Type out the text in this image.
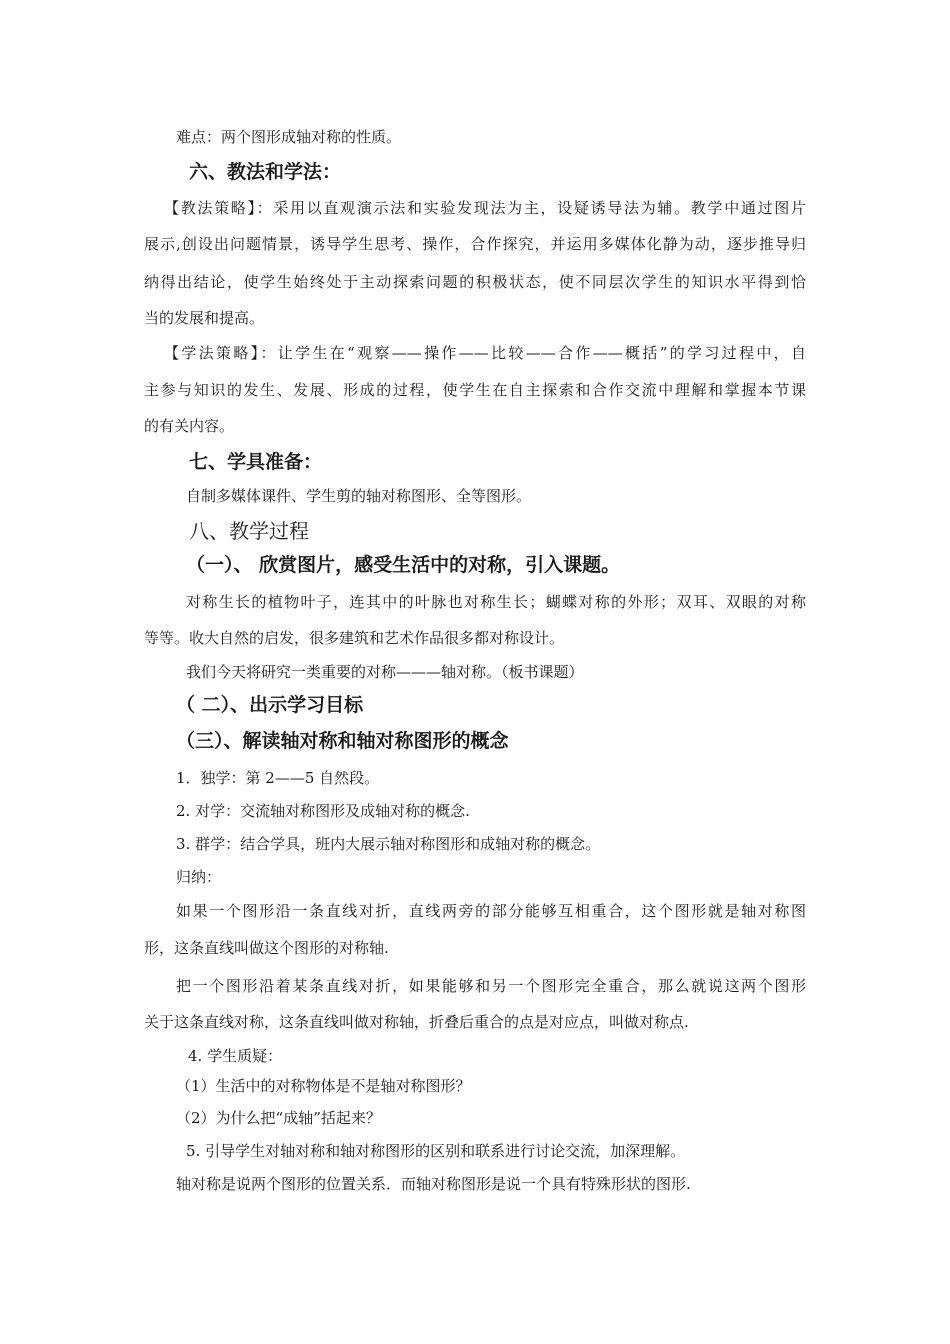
难点：两个图形成轴对称的性质。
六、教法和学法：
【教法策略】：采用以直观演示法和实验发现法为主，设疑诱导法为辅。教学中通过图片
展示,创设出问题情景，诱导学生思考、操作，合作探究，并运用多媒体化静为动，逐步推导归
纳得出结论，使学生始终处于主动探索问题的积极状态，使不同层次学生的知识水平得到恰
当的发展和提高。
【学法策略】：让学生在“观察——操作——比较——合作——概括”的学习过程中，自
主参与知识的发生、发展、形成的过程，使学生在自主探索和合作交流中理解和掌握本节课
的有关内容。
七、学具准备：
自制多媒体课件、学生剪的轴对称图形、全等图形。
八、教学过程
（一）、 欣赏图片，感受生活中的对称，引入课题。
对称生长的植物叶子，连其中的叶脉也对称生长；蝴蝶对称的外形；双耳、双眼的对称
等等。收大自然的启发，很多建筑和艺术作品很多都对称设计。
我们今天将研究一类重要的对称———轴对称。（板书课题）
（ 二）、出示学习目标
（三）、解读轴对称和轴对称图形的概念
1．独学：第 2——5 自然段。
2. 对学：交流轴对称图形及成轴对称的概念.
3. 群学：结合学具，班内大展示轴对称图形和成轴对称的概念。
归纳：
如果一个图形沿一条直线对折，直线两旁的部分能够互相重合，这个图形就是轴对称图
形，这条直线叫做这个图形的对称轴.
把一个图形沿着某条直线对折，如果能够和另一个图形完全重合，那么就说这两个图形
关于这条直线对称，这条直线叫做对称轴，折叠后重合的点是对应点，叫做对称点.
4. 学生质疑：
（1）生活中的对称物体是不是轴对称图形？
（2）为什么把“成轴”括起来？
5. 引导学生对轴对称和轴对称图形的区别和联系进行讨论交流，加深理解。
轴对称是说两个图形的位置关系．而轴对称图形是说一个具有特殊形状的图形.
